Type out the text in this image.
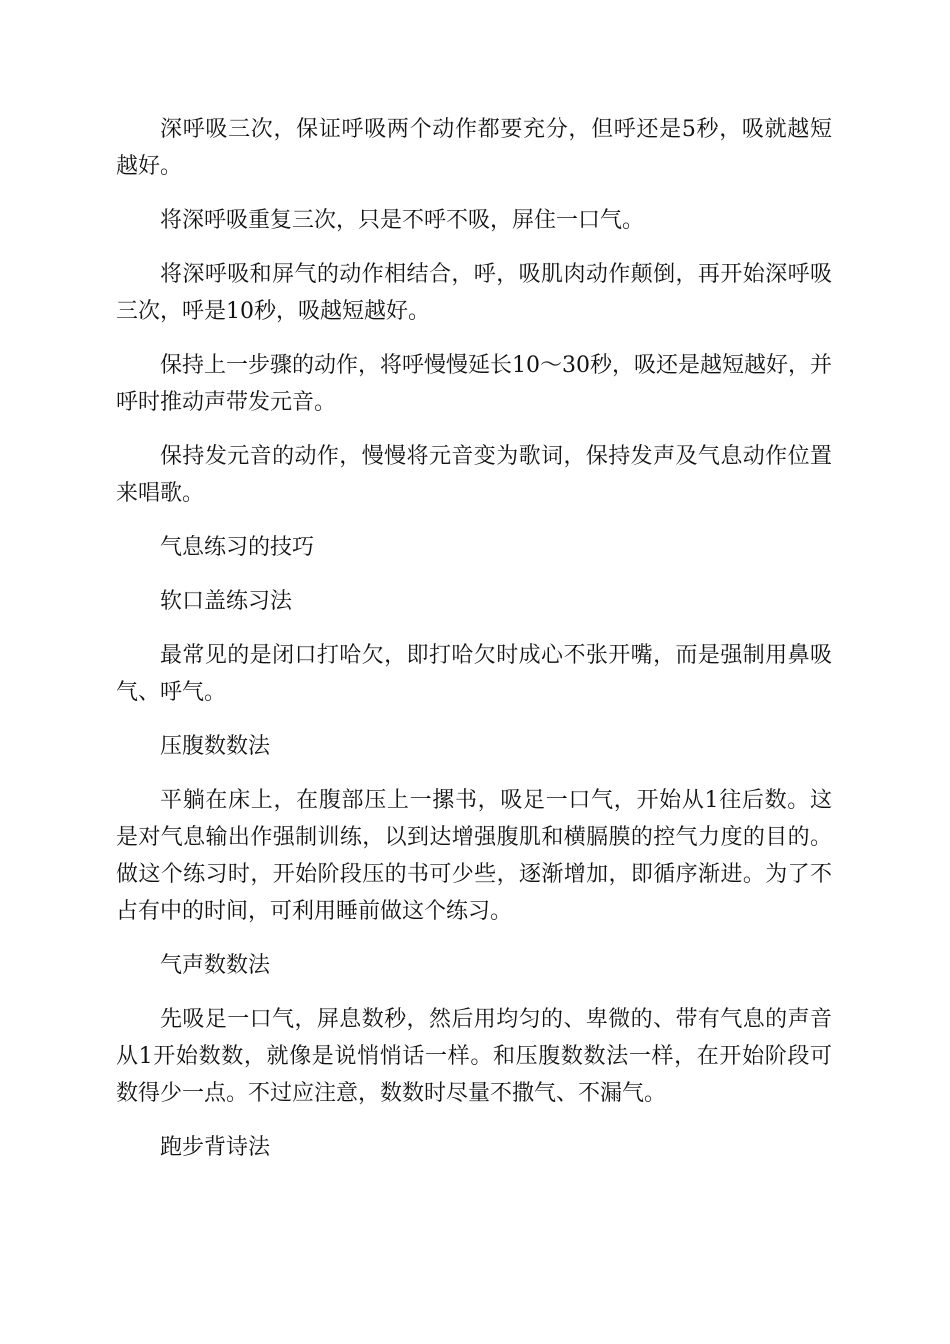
深呼吸三次，保证呼吸两个动作都要充分，但呼还是5秒，吸就越短越好。

将深呼吸重复三次，只是不呼不吸，屏住一口气。

将深呼吸和屏气的动作相结合，呼，吸肌肉动作颠倒，再开始深呼吸三次，呼是10秒，吸越短越好。

保持上一步骤的动作，将呼慢慢延长10～30秒，吸还是越短越好，并呼时推动声带发元音。

保持发元音的动作，慢慢将元音变为歌词，保持发声及气息动作位置来唱歌。

气息练习的技巧

软口盖练习法

最常见的是闭口打哈欠，即打哈欠时成心不张开嘴，而是强制用鼻吸气、呼气。

压腹数数法

平躺在床上，在腹部压上一摞书，吸足一口气，开始从1往后数。这是对气息输出作强制训练，以到达增强腹肌和横膈膜的控气力度的目的。做这个练习时，开始阶段压的书可少些，逐渐增加，即循序渐进。为了不占有中的时间，可利用睡前做这个练习。

气声数数法

先吸足一口气，屏息数秒，然后用均匀的、卑微的、带有气息的声音从1开始数数，就像是说悄悄话一样。和压腹数数法一样，在开始阶段可数得少一点。不过应注意，数数时尽量不撒气、不漏气。

跑步背诗法
